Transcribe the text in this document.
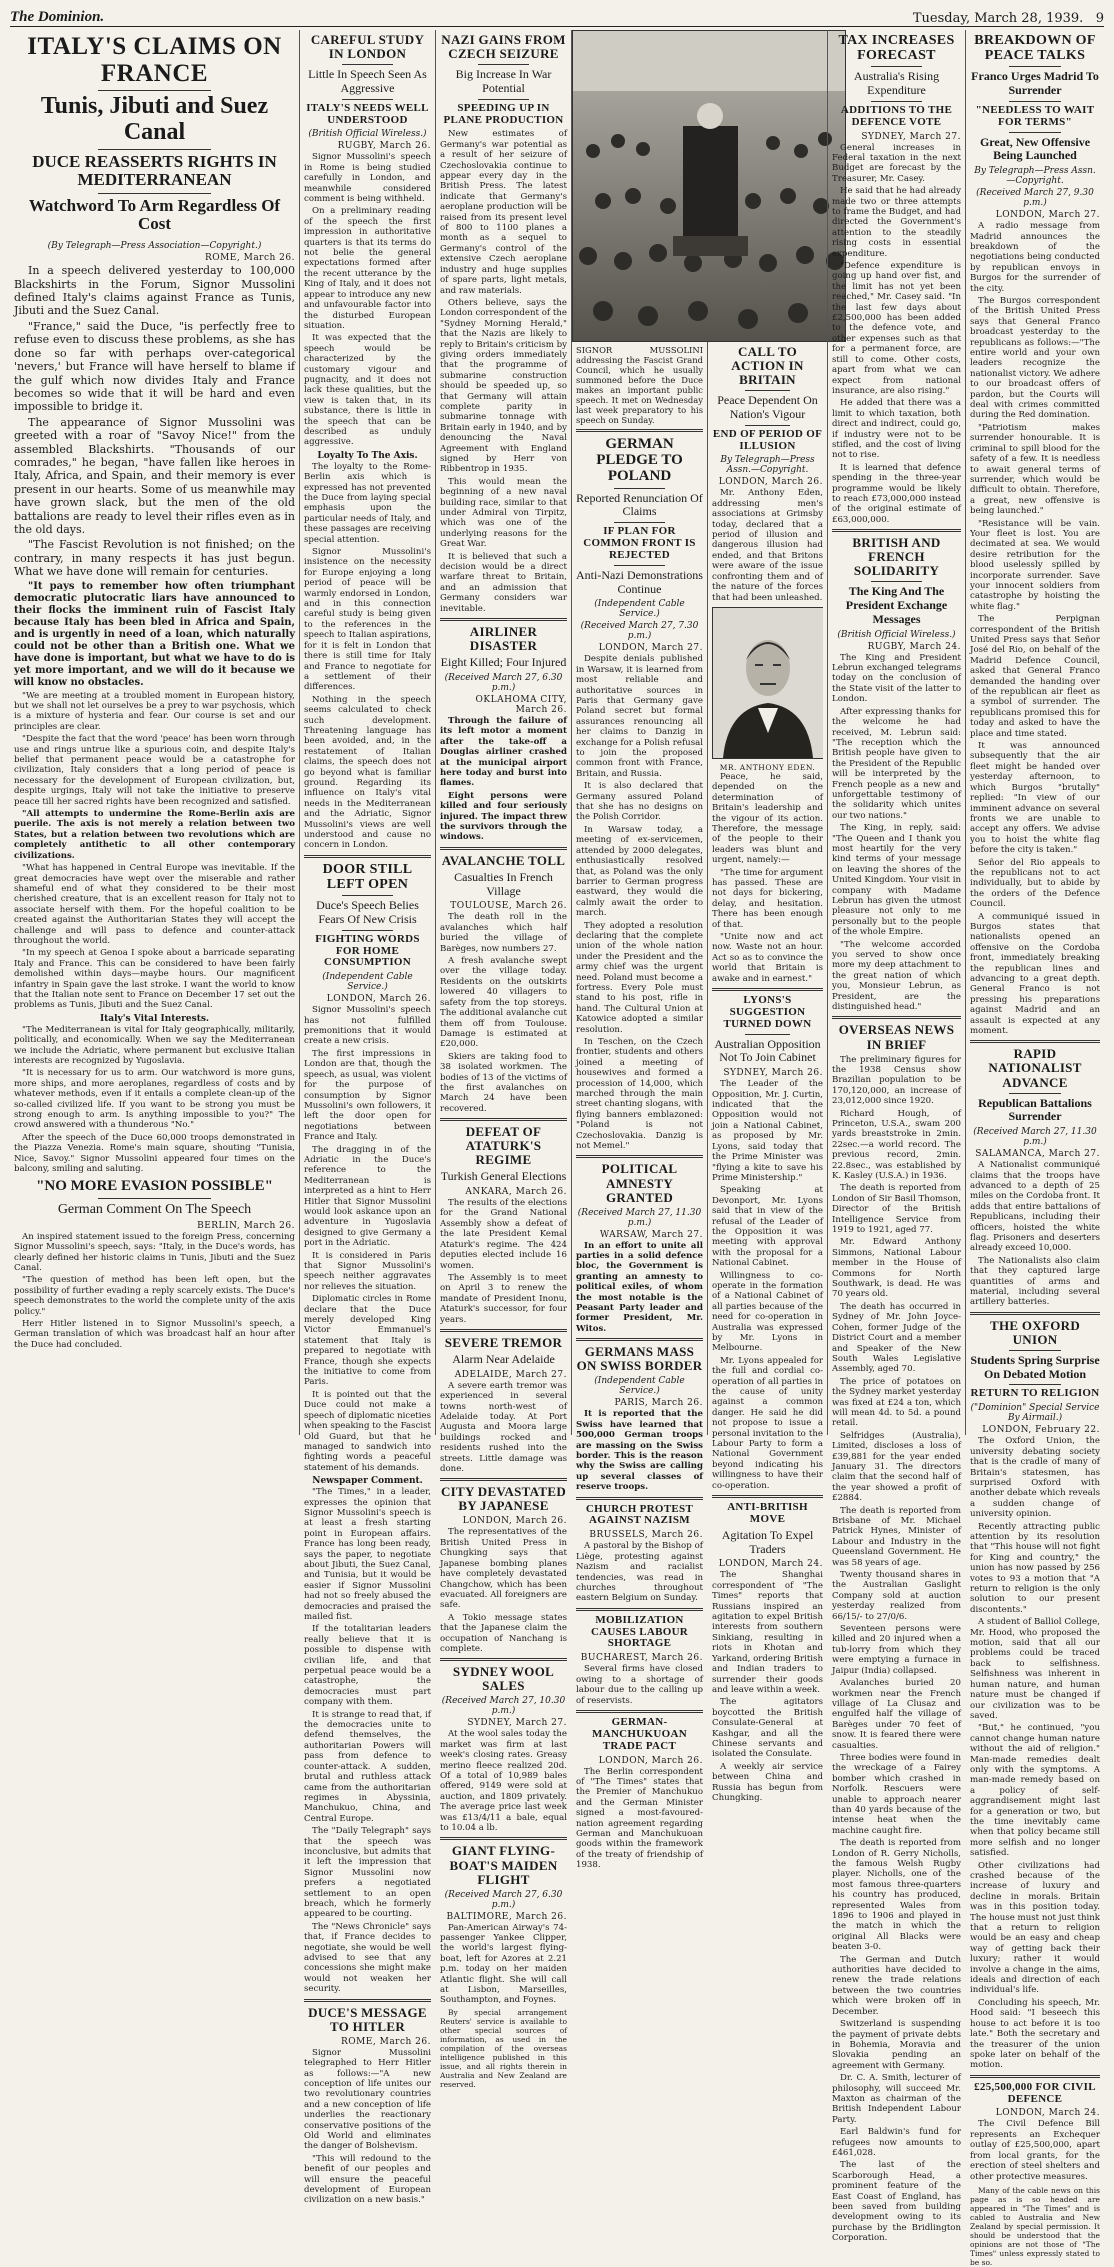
The Dominion.	Tuesday, March 28, 1939. 9
ITALY'S CLAIMS ON FRANCE
Tunis, Jibuti and Suez Canal
DUCE REASSERTS RIGHTS IN MEDITERRANEAN
Watchword To Arm Regardless Of Cost
(By Telegraph—Press Association—Copyright.)
ROME, March 26.

In a speech delivered yesterday to 100,000 Blackshirts in the Forum, Signor Mussolini defined Italy's claims against France as Tunis, Jibuti and the Suez Canal.

"France," said the Duce, "is perfectly free to refuse even to discuss these problems, as she has done so far with perhaps over-categorical 'nevers,' but France will have herself to blame if the gulf which now divides Italy and France becomes so wide that it will be hard and even impossible to bridge it.

The appearance of Signor Mussolini was greeted with a roar of "Savoy Nice!" from the assembled Blackshirts. "Thousands of our comrades," he began, "have fallen like heroes in Italy, Africa, and Spain, and their memory is ever present in our hearts. Some of us meanwhile may have grown slack, but the men of the old battalions are ready to level their rifles even as in the old days.

"The Fascist Revolution is not finished; on the contrary, in many respects it has just begun. What we have done will remain for centuries.

"It pays to remember how often triumphant democratic plutocratic liars have announced to their flocks the imminent ruin of Fascist Italy because Italy has been bled in Africa and Spain, and is urgently in need of a loan, which naturally could not be other than a British one. What we have done is important, but what we have to do is yet more important, and we will do it because we will know no obstacles.

"We are meeting at a troubled moment in European history, but we shall not let ourselves be a prey to war psychosis, which is a mixture of hysteria and fear. Our course is set and our principles are clear.

"Despite the fact that the word 'peace' has been worn through use and rings untrue like a spurious coin, and despite Italy's belief that permanent peace would be a catastrophe for civilization, Italy considers that a long period of peace is necessary for the development of European civilization, but, despite urgings, Italy will not take the initiative to preserve peace till her sacred rights have been recognized and satisfied.

"All attempts to undermine the Rome-Berlin axis are puerile. The axis is not merely a relation between two States, but a relation between two revolutions which are completely antithetic to all other contemporary civilizations.

"What has happened in Central Europe was inevitable. If the great democracies have wept over the miserable and rather shameful end of what they considered to be their most cherished creature, that is an excellent reason for Italy not to associate herself with them. For the hopeful coalition to be created against the Authoritarian States they will accept the challenge and will pass to defence and counter-attack throughout the world.

"In my speech at Genoa I spoke about a barricade separating Italy and France. This can be considered to have been fairly demolished within days—maybe hours. Our magnificent infantry in Spain gave the last stroke. I want the world to know that the Italian note sent to France on December 17 set out the problems as Tunis, Jibuti and the Suez Canal.

Italy's Vital Interests.

"The Mediterranean is vital for Italy geographically, militarily, politically, and economically. When we say the Mediterranean we include the Adriatic, where permanent but exclusive Italian interests are recognized by Yugoslavia.

"It is necessary for us to arm. Our watchword is more guns, more ships, and more aeroplanes, regardless of costs and by whatever methods, even if it entails a complete clean-up of the so-called civilized life. If you want to be strong you must be strong enough to arm. Is anything impossible to you?" The crowd answered with a thunderous "No."

After the speech of the Duce 60,000 troops demonstrated in the Piazza Venezia. Rome's main square, shouting "Tunisia, Nice, Savoy." Signor Mussolini appeared four times on the balcony, smiling and saluting.

"NO MORE EVASION POSSIBLE"
German Comment On The Speech
BERLIN, March 26.

An inspired statement issued to the foreign Press, concerning Signor Mussolini's speech, says: "Italy, in the Duce's words, has clearly defined her historic claims in Tunis, Jibuti and the Suez Canal.

"The question of method has been left open, but the possibility of further evading a reply scarcely exists. The Duce's speech demonstrates to the world the complete unity of the axis policy."

Herr Hitler listened in to Signor Mussolini's speech, a German translation of which was broadcast half an hour after the Duce had concluded.

CAREFUL STUDY IN LONDON
Little In Speech Seen As Aggressive
ITALY'S NEEDS WELL UNDERSTOOD
(British Official Wireless.)
RUGBY, March 26.

Signor Mussolini's speech in Rome is being studied carefully in London, and meanwhile considered comment is being withheld.

On a preliminary reading of the speech the first impression in authoritative quarters is that its terms do not belie the general expectations formed after the recent utterance by the King of Italy, and it does not appear to introduce any new and unfavourable factor into the disturbed European situation.

It was expected that the speech would be characterized by the customary vigour and pugnacity, and it does not lack these qualities, but the view is taken that, in its substance, there is little in the speech that can be described as unduly aggressive.

Loyalty To The Axis.

The loyalty to the Rome-Berlin axis which is expressed has not prevented the Duce from laying special emphasis upon the particular needs of Italy, and these passages are receiving special attention.

Signor Mussolini's insistence on the necessity for Europe enjoying a long period of peace will be warmly endorsed in London, and in this connection careful study is being given to the references in the speech to Italian aspirations, for it is felt in London that there is still time for Italy and France to negotiate for a settlement of their differences.

Nothing in the speech seems calculated to check such development. Threatening language has been avoided, and, in the restatement of Italian claims, the speech does not go beyond what is familiar ground. Regarding its influence on Italy's vital needs in the Mediterranean and the Adriatic, Signor Mussolini's views are well understood and cause no concern in London.

DOOR STILL LEFT OPEN
Duce's Speech Belies Fears Of New Crisis
FIGHTING WORDS FOR HOME CONSUMPTION
(Independent Cable Service.)
LONDON, March 26.

Signor Mussolini's speech has not fulfilled premonitions that it would create a new crisis.

The first impressions in London are that, though the speech, as usual, was violent for the purpose of consumption by Signor Mussolini's own followers, it left the door open for negotiations between France and Italy.

The dragging in of the Adriatic in the Duce's reference to the Mediterranean is interpreted as a hint to Herr Hitler that Signor Mussolini would look askance upon an adventure in Yugoslavia designed to give Germany a port in the Adriatic.

It is considered in Paris that Signor Mussolini's speech neither aggravates nor relieves the situation.

Diplomatic circles in Rome declare that the Duce merely developed King Victor Emmanuel's statement that Italy is prepared to negotiate with France, though she expects the initiative to come from Paris.

It is pointed out that the Duce could not make a speech of diplomatic niceties when speaking to the Fascist Old Guard, but that he managed to sandwich into fighting words a peaceful statement of his demands.

Newspaper Comment.

"The Times," in a leader, expresses the opinion that Signor Mussolini's speech is at least a fresh starting point in European affairs. France has long been ready, says the paper, to negotiate about Jibuti, the Suez Canal, and Tunisia, but it would be easier if Signor Mussolini had not so freely abused the democracies and praised the mailed fist.

If the totalitarian leaders really believe that it is possible to dispense with civilian life, and that perpetual peace would be a catastrophe, the democracies must part company with them.

It is strange to read that, if the democracies unite to defend themselves, the authoritarian Powers will pass from defence to counter-attack. A sudden, brutal and ruthless attack came from the authoritarian regimes in Abyssinia, Manchukuo, China, and Central Europe.

The "Daily Telegraph" says that the speech was inconclusive, but admits that it left the impression that Signor Mussolini now prefers a negotiated settlement to an open breach, which he formerly appeared to be courting.

The "News Chronicle" says that, if France decides to negotiate, she would be well advised to see that any concessions she might make would not weaken her security.

DUCE'S MESSAGE TO HITLER
ROME, March 26.

Signor Mussolini telegraphed to Herr Hitler as follows:—"A new conception of life unites our two revolutionary countries and a new conception of life underlies the reactionary conservative positions of the Old World and eliminates the danger of Bolshevism.

"This will redound to the benefit of our peoples and will ensure the peaceful development of European civilization on a new basis."

NAZI GAINS FROM CZECH SEIZURE
Big Increase In War Potential
SPEEDING UP IN PLANE PRODUCTION

New estimates of Germany's war potential as a result of her seizure of Czechoslovakia continue to appear every day in the British Press. The latest indicate that Germany's aeroplane production will be raised from its present level of 800 to 1100 planes a month as a sequel to Germany's control of the extensive Czech aeroplane industry and huge supplies of spare parts, light metals, and raw materials.

Others believe, says the London correspondent of the "Sydney Morning Herald," that the Nazis are likely to reply to Britain's criticism by giving orders immediately that the programme of submarine construction should be speeded up, so that Germany will attain complete parity in submarine tonnage with Britain early in 1940, and by denouncing the Naval Agreement with England signed by Herr von Ribbentrop in 1935.

This would mean the beginning of a new naval building race, similar to that under Admiral von Tirpitz, which was one of the underlying reasons for the Great War.

It is believed that such a decision would be a direct warfare threat to Britain, and an admission that Germany considers war inevitable.

AIRLINER DISASTER
Eight Killed; Four Injured
(Received March 27, 6.30 p.m.)
OKLAHOMA CITY, March 26.

Through the failure of its left motor a moment after the take-off a Douglas airliner crashed at the municipal airport here today and burst into flames.

Eight persons were killed and four seriously injured. The impact threw the survivors through the windows.

AVALANCHE TOLL
Casualties In French Village
TOULOUSE, March 26.

The death roll in the avalanches which half buried the village of Barèges, now numbers 27.

A fresh avalanche swept over the village today. Residents on the outskirts lowered 40 villagers to safety from the top storeys. The additional avalanche cut them off from Toulouse. Damage is estimated at £20,000.

Skiers are taking food to 38 isolated workmen. The bodies of 13 of the victims of the first avalanches on March 24 have been recovered.

DEFEAT OF ATATURK'S REGIME
Turkish General Elections
ANKARA, March 26.

The results of the elections for the Grand National Assembly show a defeat of the late President Kemal Ataturk's regime. The 424 deputies elected include 16 women.

The Assembly is to meet on April 3 to renew the mandate of President Inonu, Ataturk's successor, for four years.

SEVERE TREMOR
Alarm Near Adelaide
ADELAIDE, March 27.

A severe earth tremor was experienced in several towns north-west of Adelaide today. At Port Augusta and Moora large buildings rocked and residents rushed into the streets. Little damage was done.

CITY DEVASTATED BY JAPANESE
LONDON, March 26.

The representatives of the British United Press in Chungking says that Japanese bombing planes have completely devastated Changchow, which has been evacuated. All foreigners are safe.

A Tokio message states that the Japanese claim the occupation of Nanchang is complete.

SYDNEY WOOL SALES
(Received March 27, 10.30 p.m.)
SYDNEY, March 27.

At the wool sales today the market was firm at last week's closing rates. Greasy merino fleece realized 20d. Of a total of 10,989 bales offered, 9149 were sold at auction, and 1809 privately. The average price last week was £13/4/11 a bale, equal to 10.04 a lb.

GIANT FLYING-BOAT'S MAIDEN FLIGHT
(Received March 27, 6.30 p.m.)
BALTIMORE, March 26.

Pan-American Airway's 74-passenger Yankee Clipper, the world's largest flying-boat, left for Azores at 2.21 p.m. today on her maiden Atlantic flight. She will call at Lisbon, Marseilles, Southampton, and Foynes.

By special arrangement Reuters' service is available to other special sources of information, as used in the compilation of the overseas intelligence published in this issue, and all rights therein in Australia and New Zealand are reserved.

SIGNOR MUSSOLINI addressing the Fascist Grand Council, which he usually summoned before the Duce makes an important public speech. It met on Wednesday last week preparatory to his speech on Sunday.

GERMAN PLEDGE TO POLAND
Reported Renunciation Of Claims
IF PLAN FOR COMMON FRONT IS REJECTED
Anti-Nazi Demonstrations Continue
(Independent Cable Service.)
(Received March 27, 7.30 p.m.)
LONDON, March 27.

Despite denials published in Warsaw, it is learned from most reliable and authoritative sources in Paris that Germany gave Poland secret but formal assurances renouncing all her claims to Danzig in exchange for a Polish refusal to join the proposed common front with France, Britain, and Russia.

It is also declared that Germany assured Poland that she has no designs on the Polish Corridor.

In Warsaw today, a meeting of ex-servicemen, attended by 2000 delegates, enthusiastically resolved that, as Poland was the only barrier to German progress eastward, they would die calmly await the order to march.

They adopted a resolution declaring that the complete union of the whole nation under the President and the army chief was the urgent need. Poland must become a fortress. Every Pole must stand to his post, rifle in hand. The Cultural Union at Katowice adopted a similar resolution.

In Teschen, on the Czech frontier, students and others joined a meeting of housewives and formed a procession of 14,000, which marched through the main street chanting slogans, with flying banners emblazoned: "Poland is not Czechoslovakia. Danzig is not Memel."

POLITICAL AMNESTY GRANTED
(Received March 27, 11.30 p.m.)
WARSAW, March 27.

In an effort to unite all parties in a solid defence bloc, the Government is granting an amnesty to political exiles, of whom the most notable is the Peasant Party leader and former President, Mr. Witos.

GERMANS MASS ON SWISS BORDER
(Independent Cable Service.)
PARIS, March 26.

It is reported that the Swiss have learned that 500,000 German troops are massing on the Swiss border. This is the reason why the Swiss are calling up several classes of reserve troops.

CHURCH PROTEST AGAINST NAZISM
BRUSSELS, March 26.

A pastoral by the Bishop of Liège, protesting against Nazism and racialist tendencies, was read in churches throughout eastern Belgium on Sunday.

MOBILIZATION CAUSES LABOUR SHORTAGE
BUCHAREST, March 26.

Several firms have closed owing to a shortage of labour due to the calling up of reservists.

GERMAN-MANCHUKUOAN TRADE PACT
LONDON, March 26.

The Berlin correspondent of "The Times" states that the Premier of Manchukuo and the German Minister signed a most-favoured-nation agreement regarding German and Manchukuoan goods within the framework of the treaty of friendship of 1938.

CALL TO ACTION IN BRITAIN
Peace Dependent On Nation's Vigour
END OF PERIOD OF ILLUSION
By Telegraph—Press Assn.—Copyright.
LONDON, March 26.

Mr. Anthony Eden, addressing men's associations at Grimsby today, declared that a period of illusion and dangerous illusion had ended, and that Britons were aware of the issue confronting them and of the nature of the forces that had been unleashed.

MR. ANTHONY EDEN.

Peace, he said, depended on the determination of Britain's leadership and the vigour of its action. Therefore, the message of the people to their leaders was blunt and urgent, namely:—

"The time for argument has passed. These are not days for bickering, delay, and hesitation. There has been enough of that.

"Unite now and act now. Waste not an hour. Act so as to convince the world that Britain is awake and in earnest."

LYONS'S SUGGESTION TURNED DOWN
Australian Opposition Not To Join Cabinet
SYDNEY, March 26.

The Leader of the Opposition, Mr. J. Curtin, indicated that the Opposition would not join a National Cabinet, as proposed by Mr. Lyons, said today that the Prime Minister was "flying a kite to save his Prime Ministership."

Speaking at Devonport, Mr. Lyons said that in view of the refusal of the Leader of the Opposition it was meeting with approval with the proposal for a National Cabinet.

Willingness to co-operate in the formation of a National Cabinet of all parties because of the need for co-operation in Australia was expressed by Mr. Lyons in Melbourne.

Mr. Lyons appealed for the full and cordial co-operation of all parties in the cause of unity against a common danger. He said he did not propose to issue a personal invitation to the Labour Party to form a National Government beyond indicating his willingness to have their co-operation.

ANTI-BRITISH MOVE
Agitation To Expel Traders
LONDON, March 24.

The Shanghai correspondent of "The Times" reports that Russians inspired an agitation to expel British interests from southern Sinkiang, resulting in riots in Khotan and Yarkand, ordering British and Indian traders to surrender their goods and leave within a week.

The agitators boycotted the British Consulate-General at Kashgar, and all the Chinese servants and isolated the Consulate.

A weekly air service between China and Russia has begun from Chungking.

TAX INCREASES FORECAST
Australia's Rising Expenditure
ADDITIONS TO THE DEFENCE VOTE
SYDNEY, March 27.

General increases in Federal taxation in the next Budget are forecast by the Treasurer, Mr. Casey.

He said that he had already made two or three attempts to frame the Budget, and had directed the Government's attention to the steadily rising costs in essential expenditure.

"Defence expenditure is going up hand over fist, and the limit has not yet been reached," Mr. Casey said. "In the last few days about £2,500,000 has been added to the defence vote, and other expenses such as that for a permanent force, are still to come. Other costs, apart from what we can expect from national insurance, are also rising."

He added that there was a limit to which taxation, both direct and indirect, could go, if industry were not to be stifled, and the cost of living not to rise.

It is learned that defence spending in the three-year programme would be likely to reach £73,000,000 instead of the original estimate of £63,000,000.

BRITISH AND FRENCH SOLIDARITY
The King And The President Exchange Messages
(British Official Wireless.)
RUGBY, March 24.

The King and President Lebrun exchanged telegrams today on the conclusion of the State visit of the latter to London.

After expressing thanks for the welcome he had received, M. Lebrun said: "The reception which the British people have given to the President of the Republic will be interpreted by the French people as a new and unforgettable testimony of the solidarity which unites our two nations."

The King, in reply, said: "The Queen and I thank you most heartily for the very kind terms of your message on leaving the shores of the United Kingdom. Your visit in company with Madame Lebrun has given the utmost pleasure not only to me personally but to the people of the whole Empire.

"The welcome accorded you served to show once more my deep attachment to the great nation of which you, Monsieur Lebrun, as President, are the distinguished head."

OVERSEAS NEWS IN BRIEF

The preliminary figures for the 1938 Census show Brazilian population to be 170,120,000, an increase of 23,012,000 since 1920.

Richard Hough, of Princeton, U.S.A., swam 200 yards breaststroke in 2min. 22sec.—a world record. The previous record, 2min. 22.8sec., was established by K. Kasley (U.S.A.) in 1936.

The death is reported from London of Sir Basil Thomson, Director of the British Intelligence Service from 1919 to 1921, aged 77.

Mr. Edward Anthony Simmons, National Labour member in the House of Commons for North Southwark, is dead. He was 70 years old.

The death has occurred in Sydney of Mr. John Joyce-Cohen, former Judge of the District Court and a member and Speaker of the New South Wales Legislative Assembly, aged 70.

The price of potatoes on the Sydney market yesterday was fixed at £24 a ton, which will mean 4d. to 5d. a pound retail.

Selfridges (Australia), Limited, discloses a loss of £39,881 for the year ended January 31. The directors claim that the second half of the year showed a profit of £2884.

The death is reported from Brisbane of Mr. Michael Patrick Hynes, Minister of Labour and Industry in the Queensland Government. He was 58 years of age.

Twenty thousand shares in the Australian Gaslight Company sold at auction yesterday realized from 66/15/- to 27/0/6.

Seventeen persons were killed and 20 injured when a tub-lorry from which they were emptying a furnace in Jaipur (India) collapsed.

Avalanches buried 20 workmen near the French village of La Clusaz and engulfed half the village of Barèges under 70 feet of snow. It is feared there were casualties.

Three bodies were found in the wreckage of a Fairey bomber which crashed in Norfolk. Rescuers were unable to approach nearer than 40 yards because of the intense heat when the machine caught fire.

The death is reported from London of R. Gerry Nicholls, the famous Welsh Rugby player. Nicholls, one of the most famous three-quarters his country has produced, represented Wales from 1896 to 1906 and played in the match in which the original All Blacks were beaten 3-0.

The German and Dutch authorities have decided to renew the trade relations between the two countries which were broken off in December.

Switzerland is suspending the payment of private debts in Bohemia, Moravia and Slovakia pending an agreement with Germany.

Dr. C. A. Smith, lecturer of philosophy, will succeed Mr. Maxton as chairman of the British Independent Labour Party.

Earl Baldwin's fund for refugees now amounts to £461,028.

The last of the Scarborough Head, a prominent feature of the East Coast of England, has been saved from building development owing to its purchase by the Bridlington Corporation.

BREAKDOWN OF PEACE TALKS
Franco Urges Madrid To Surrender
"NEEDLESS TO WAIT FOR TERMS"
Great, New Offensive Being Launched
By Telegraph—Press Assn.—Copyright.
(Received March 27, 9.30 p.m.)
LONDON, March 27.

A radio message from Madrid announces the breakdown of the negotiations being conducted by republican envoys in Burgos for the surrender of the city.

The Burgos correspondent of the British United Press says that General Franco broadcast yesterday to the republicans as follows:—"The entire world and your own leaders recognize the nationalist victory. We adhere to our broadcast offers of pardon, but the Courts will deal with crimes committed during the Red domination.

"Patriotism makes surrender honourable. It is criminal to spill blood for the safety of a few. It is needless to await general terms of surrender, which would be difficult to obtain. Therefore, a great, new offensive is being launched."

"Resistance will be vain. Your fleet is lost. You are decimated at sea. We would desire retribution for the blood uselessly spilled by incorporate surrender. Save your innocent soldiers from catastrophe by hoisting the white flag."

The Perpignan correspondent of the British United Press says that Señor José del Rio, on behalf of the Madrid Defence Council, asked that General Franco demanded the handing over of the republican air fleet as a symbol of surrender. The republicans promised this for today and asked to have the place and time stated.

It was announced subsequently that the air fleet might be handed over yesterday afternoon, to which Burgos "brutally" replied: "In view of our imminent advance on several fronts we are unable to accept any offers. We advise you to hoist the white flag before the city is taken."

Señor del Rio appeals to the republicans not to act individually, but to abide by the orders of the Defence Council.

A communiqué issued in Burgos states that nationalists opened an offensive on the Cordoba front, immediately breaking the republican lines and advancing to a great depth. General Franco is not pressing his preparations against Madrid and an assault is expected at any moment.

RAPID NATIONALIST ADVANCE
Republican Battalions Surrender
(Received March 27, 11.30 p.m.)
SALAMANCA, March 27.

A Nationalist communiqué claims that the troops have advanced to a depth of 25 miles on the Cordoba front. It adds that entire battalions of Republicans, including their officers, hoisted the white flag. Prisoners and deserters already exceed 10,000.

The Nationalists also claim that they captured large quantities of arms and material, including several artillery batteries.

THE OXFORD UNION
Students Spring Surprise On Debated Motion
RETURN TO RELIGION
("Dominion" Special Service By Airmail.)
LONDON, February 22.

The Oxford Union, the university debating society that is the cradle of many of Britain's statesmen, has surprised Oxford with another debate which reveals a sudden change of university opinion.

Recently attracting public attention by its resolution that "This house will not fight for King and country," the union has now passed by 256 votes to 93 a motion that "A return to religion is the only solution to our present discontents."

A student of Balliol College, Mr. Hood, who proposed the motion, said that all our problems could be traced back to selfishness. Selfishness was inherent in human nature, and human nature must be changed if our civilization was to be saved.

"But," he continued, "you cannot change human nature without the aid of religion." Man-made remedies dealt only with the symptoms. A man-made remedy based on a policy of self-aggrandisement might last for a generation or two, but the time inevitably came when that policy became still more selfish and no longer satisfied.

Other civilizations had crashed because of the increase of luxury and decline in morals. Britain was in this position today. The house must not just think that a return to religion would be an easy and cheap way of getting back their luxury; rather it would involve a change in the aims, ideals and direction of each individual's life.

Concluding his speech, Mr. Hood said: "I beseech this house to act before it is too late." Both the secretary and the treasurer of the union spoke later on behalf of the motion.

£25,500,000 FOR CIVIL DEFENCE
LONDON, March 24.

The Civil Defence Bill represents an Exchequer outlay of £25,500,000, apart from local grants, for the erection of steel shelters and other protective measures.

Many of the cable news on this page as is so headed are appeared in "The Times" and is cabled to Australia and New Zealand by special permission. It should be understood that the opinions are not those of "The Times" unless expressly stated to be so.
